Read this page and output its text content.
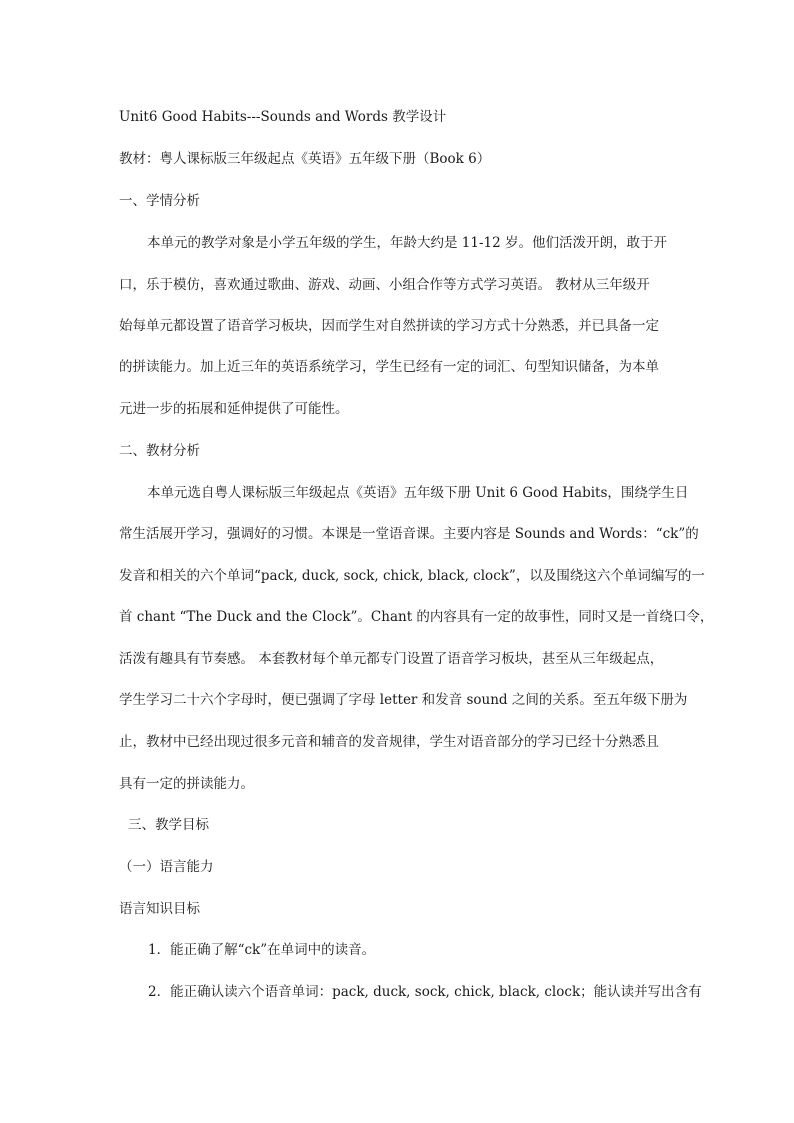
Unit6 Good Habits---Sounds and Words 教学设计
教材：粤人课标版三年级起点《英语》五年级下册（Book 6）
一、学情分析
本单元的教学对象是小学五年级的学生，年龄大约是 11-12 岁。他们活泼开朗，敢于开
口，乐于模仿，喜欢通过歌曲、游戏、动画、小组合作等方式学习英语。 教材从三年级开
始每单元都设置了语音学习板块，因而学生对自然拼读的学习方式十分熟悉，并已具备一定
的拼读能力。加上近三年的英语系统学习，学生已经有一定的词汇、句型知识储备，为本单
元进一步的拓展和延伸提供了可能性。
二、教材分析
本单元选自粤人课标版三年级起点《英语》五年级下册 Unit 6 Good Habits，围绕学生日
常生活展开学习，强调好的习惯。本课是一堂语音课。主要内容是 Sounds and Words：“ck”的
发音和相关的六个单词“pack, duck, sock, chick, black, clock”，以及围绕这六个单词编写的一
首 chant “The Duck and the Clock”。Chant 的内容具有一定的故事性，同时又是一首绕口令，
活泼有趣具有节奏感。 本套教材每个单元都专门设置了语音学习板块，甚至从三年级起点，
学生学习二十六个字母时，便已强调了字母 letter 和发音 sound 之间的关系。至五年级下册为
止，教材中已经出现过很多元音和辅音的发音规律，学生对语音部分的学习已经十分熟悉且
具有一定的拼读能力。
三、教学目标
（一）语言能力
语言知识目标
1．能正确了解“ck”在单词中的读音。
2．能正确认读六个语音单词：pack, duck, sock, chick, black, clock；能认读并写出含有
